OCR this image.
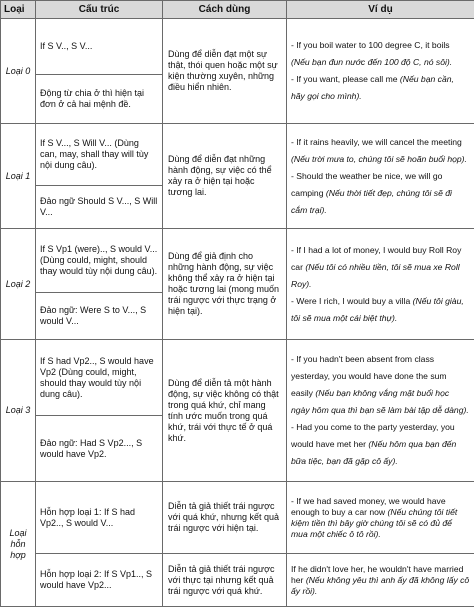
Loại	Cấu trúc	Cách dùng	Ví dụ
Loại 0	If S V.., S V...	Dùng để diễn đạt một sự thật, thói quen hoặc một sự kiện thường xuyên, những điều hiển nhiên.	- If you boil water to 100 degree C, it boils (Nếu bạn đun nước đến 100 độ C, nó sôi).
- If you want, please call me (Nếu bạn cần, hãy gọi cho mình).
	Động từ chia ở thì hiện tại đơn ở cả hai mệnh đề.		
Loại 1	If S V..., S Will V... (Dùng can, may, shall thay will tùy nội dung câu).	Dùng để diễn đạt những hành động, sự việc có thể xảy ra ở hiện tại hoặc tương lai.	- If it rains heavily, we will cancel the meeting (Nếu trời mưa to, chúng tôi sẽ hoãn buổi họp).
- Should the weather be nice, we will go camping (Nếu thời tiết đẹp, chúng tôi sẽ đi cắm trại).
	Đảo ngữ Should S V..., S Will V...		
Loại 2	If S Vp1 (were).., S would V... (Dùng could, might, should thay would tùy nội dung câu).	Dùng để giả định cho những hành động, sự việc không thể xảy ra ở hiện tại hoặc tương lai (mong muốn trái ngược với thực trạng ở hiện tại).	- If I had a lot of money, I would buy Roll Roy car (Nếu tôi có nhiều tiền, tôi sẽ mua xe Roll Roy).
- Were I rich, I would buy a villa (Nếu tôi giàu, tôi sẽ mua một cái biệt thự).
	Đảo ngữ: Were S to V..., S would V...		
Loại 3	If S had Vp2.., S would have Vp2 (Dùng could, might, should thay would tùy nội dung câu).	Dùng để diễn tả một hành động, sự việc không có thật trong quá khứ, chỉ mang tính ước muốn trong quá khứ, trái với thực tế ở quá khứ.	- If you hadn't been absent from class yesterday, you would have done the sum easily (Nếu bạn không vắng mặt buổi học ngày hôm qua thì bạn sẽ làm bài tập dễ dàng).
- Had you come to the party yesterday, you would have met her (Nếu hôm qua bạn đến bữa tiệc, bạn đã gặp cô ấy).
	Đảo ngữ: Had S Vp2..., S would have Vp2.		
Loại hỗn hợp	Hỗn hợp loại 1: If S had Vp2.., S would V...	Diễn tả giả thiết trái ngược với quá khứ, nhưng kết quả trái ngược với hiện tại.	- If we had saved money, we would have enough to buy a car now (Nếu chúng tôi tiết kiệm tiền thì bây giờ chúng tôi sẽ có đủ để mua một chiếc ô tô rồi).
	Hỗn hợp loại 2: If S Vp1.., S would have Vp2...	Diễn tả giả thiết trái ngược với thực tại nhưng kết quả trái ngược với quá khứ.	If he didn't love her, he wouldn't have married her (Nếu không yêu thì anh ấy đã không lấy cô ấy rồi).
